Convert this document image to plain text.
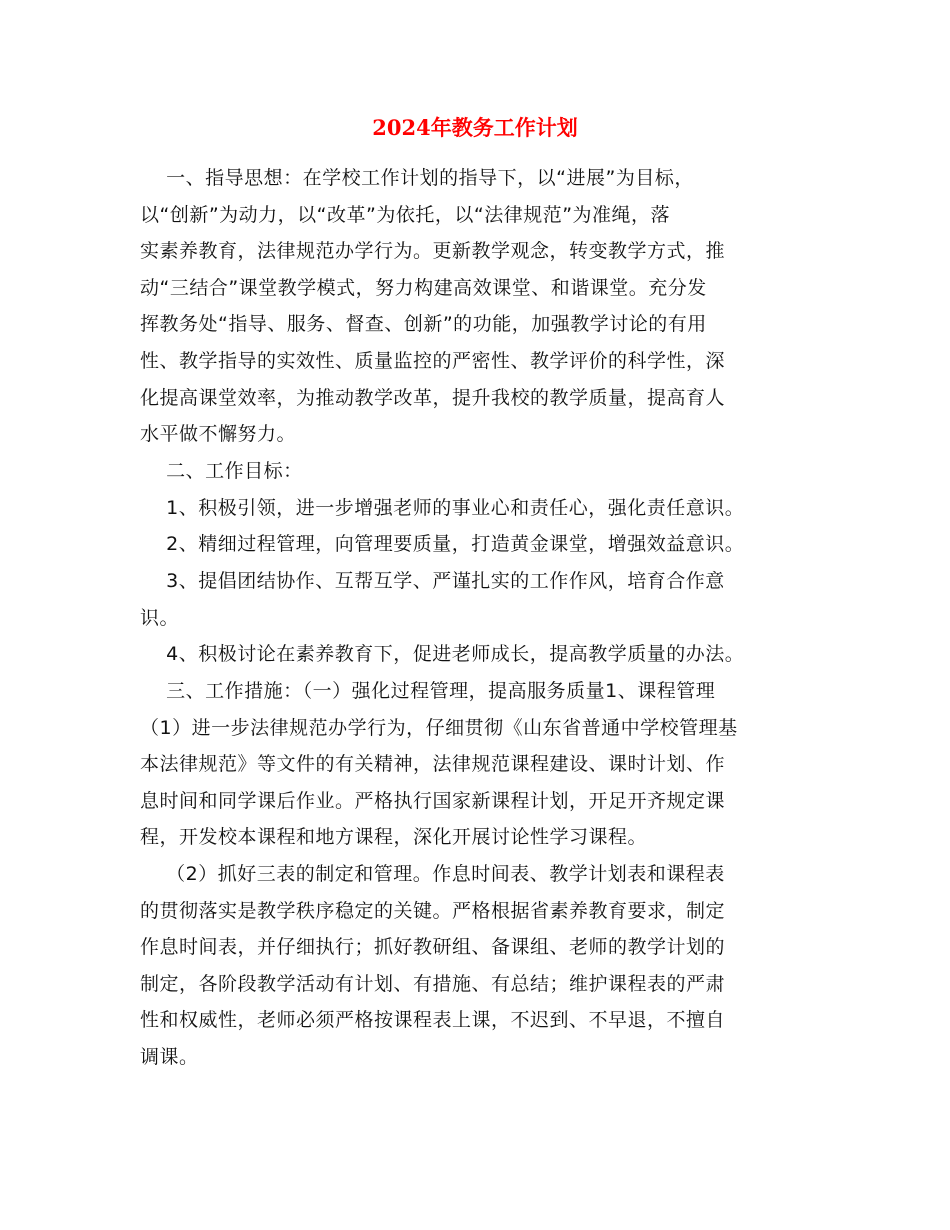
2024年教务工作计划

一、指导思想：在学校工作计划的指导下，以“进展”为目标，
以“创新”为动力，以“改革”为依托，以“法律规范”为准绳，落
实素养教育，法律规范办学行为。更新教学观念，转变教学方式，推
动“三结合”课堂教学模式，努力构建高效课堂、和谐课堂。充分发
挥教务处“指导、服务、督查、创新”的功能，加强教学讨论的有用
性、教学指导的实效性、质量监控的严密性、教学评价的科学性，深
化提高课堂效率，为推动教学改革，提升我校的教学质量，提高育人
水平做不懈努力。

二、工作目标：

1、积极引领，进一步增强老师的事业心和责任心，强化责任意识。

2、精细过程管理，向管理要质量，打造黄金课堂，增强效益意识。

3、提倡团结协作、互帮互学、严谨扎实的工作作风，培育合作意
识。

4、积极讨论在素养教育下，促进老师成长，提高教学质量的办法。

三、工作措施：（一）强化过程管理，提高服务质量1、课程管理
（1）进一步法律规范办学行为，仔细贯彻《山东省普通中学校管理基
本法律规范》等文件的有关精神，法律规范课程建设、课时计划、作
息时间和同学课后作业。严格执行国家新课程计划，开足开齐规定课
程，开发校本课程和地方课程，深化开展讨论性学习课程。

（2）抓好三表的制定和管理。作息时间表、教学计划表和课程表
的贯彻落实是教学秩序稳定的关键。严格根据省素养教育要求，制定
作息时间表，并仔细执行；抓好教研组、备课组、老师的教学计划的
制定，各阶段教学活动有计划、有措施、有总结；维护课程表的严肃
性和权威性，老师必须严格按课程表上课，不迟到、不早退，不擅自
调课。
